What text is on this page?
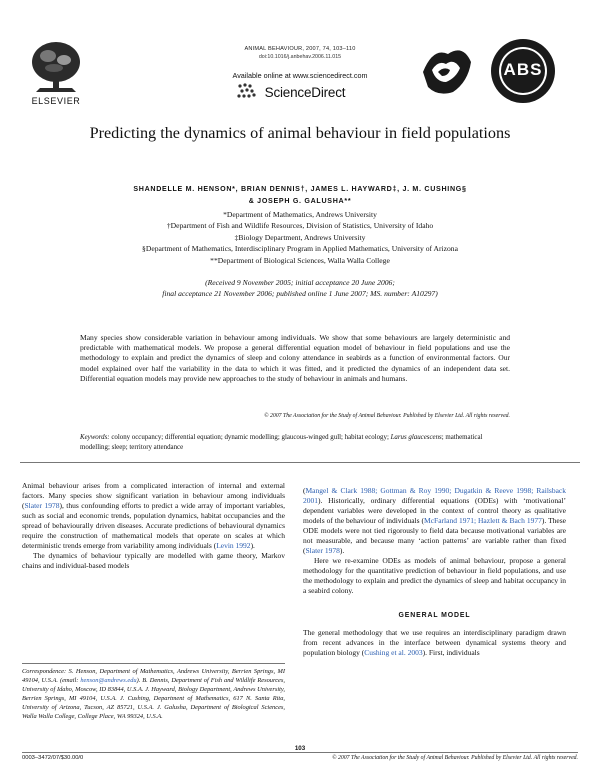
ELSEVIER
ANIMAL BEHAVIOUR, 2007, 74, 103–110
doi:10.1016/j.anbehav.2006.11.015
Available online at www.sciencedirect.com
ScienceDirect
ABS
Predicting the dynamics of animal behaviour in field populations
SHANDELLE M. HENSON*, BRIAN DENNIS†, JAMES L. HAYWARD‡, J. M. CUSHING§
& JOSEPH G. GALUSHA**
*Department of Mathematics, Andrews University
†Department of Fish and Wildlife Resources, Division of Statistics, University of Idaho
‡Biology Department, Andrews University
§Department of Mathematics, Interdisciplinary Program in Applied Mathematics, University of Arizona
**Department of Biological Sciences, Walla Walla College
(Received 9 November 2005; initial acceptance 20 June 2006;
final acceptance 21 November 2006; published online 1 June 2007; MS. number: A10297)
Many species show considerable variation in behaviour among individuals. We show that some behaviours are largely deterministic and predictable with mathematical models. We propose a general differential equation model of behaviour in field populations and use the methodology to explain and predict the dynamics of sleep and colony attendance in seabirds as a function of environmental factors. Our model explained over half the variability in the data to which it was fitted, and it predicted the dynamics of an independent data set. Differential equation models may provide new approaches to the study of behaviour in animals and humans.
© 2007 The Association for the Study of Animal Behaviour. Published by Elsevier Ltd. All rights reserved.
Keywords: colony occupancy; differential equation; dynamic modelling; glaucous-winged gull; habitat ecology; Larus glaucescens; mathematical modelling; sleep; territory attendance

Animal behaviour arises from a complicated interaction of internal and external factors. Many species show significant variation in behaviour among individuals (Slater 1978), thus confounding efforts to predict a wide array of important variables, such as social and economic trends, population dynamics, habitat occupancies and the spread of behaviourally driven diseases. Accurate predictions of behavioural dynamics require the construction of mathematical models that operate on scales at which deterministic trends emerge from variability among individuals (Levin 1992).

The dynamics of behaviour typically are modelled with game theory, Markov chains and individual-based models

Correspondence: S. Henson, Department of Mathematics, Andrews University, Berrien Springs, MI 49104, U.S.A. (email: henson@andrews.edu). B. Dennis, Department of Fish and Wildlife Resources, University of Idaho, Moscow, ID 83844, U.S.A. J. Hayward, Biology Department, Andrews University, Berrien Springs, MI 49104, U.S.A. J. Cushing, Department of Mathematics, 617 N. Santa Rita, University of Arizona, Tucson, AZ 85721, U.S.A. J. Galusha, Department of Biological Sciences, Walla Walla College, College Place, WA 99324, U.S.A.

(Mangel & Clark 1988; Gottman & Roy 1990; Dugatkin & Reeve 1998; Railsback 2001). Historically, ordinary differential equations (ODEs) with ‘motivational’ dependent variables were developed in the context of control theory as qualitative models of the behaviour of individuals (McFarland 1971; Hazlett & Bach 1977). These ODE models were not tied rigorously to field data because motivational variables are not measurable, and because many ‘action patterns’ are variable rather than fixed (Slater 1978).

Here we re-examine ODEs as models of animal behaviour, propose a general methodology for the quantitative prediction of behaviour in field populations, and use the methodology to explain and predict the dynamics of sleep and habitat occupancy in a seabird colony.

GENERAL MODEL

The general methodology that we use requires an interdisciplinary paradigm drawn from recent advances in the interface between dynamical systems theory and population biology (Cushing et al. 2003). First, individuals

103
0003–3472/07/$30.00/0	© 2007 The Association for the Study of Animal Behaviour. Published by Elsevier Ltd. All rights reserved.
